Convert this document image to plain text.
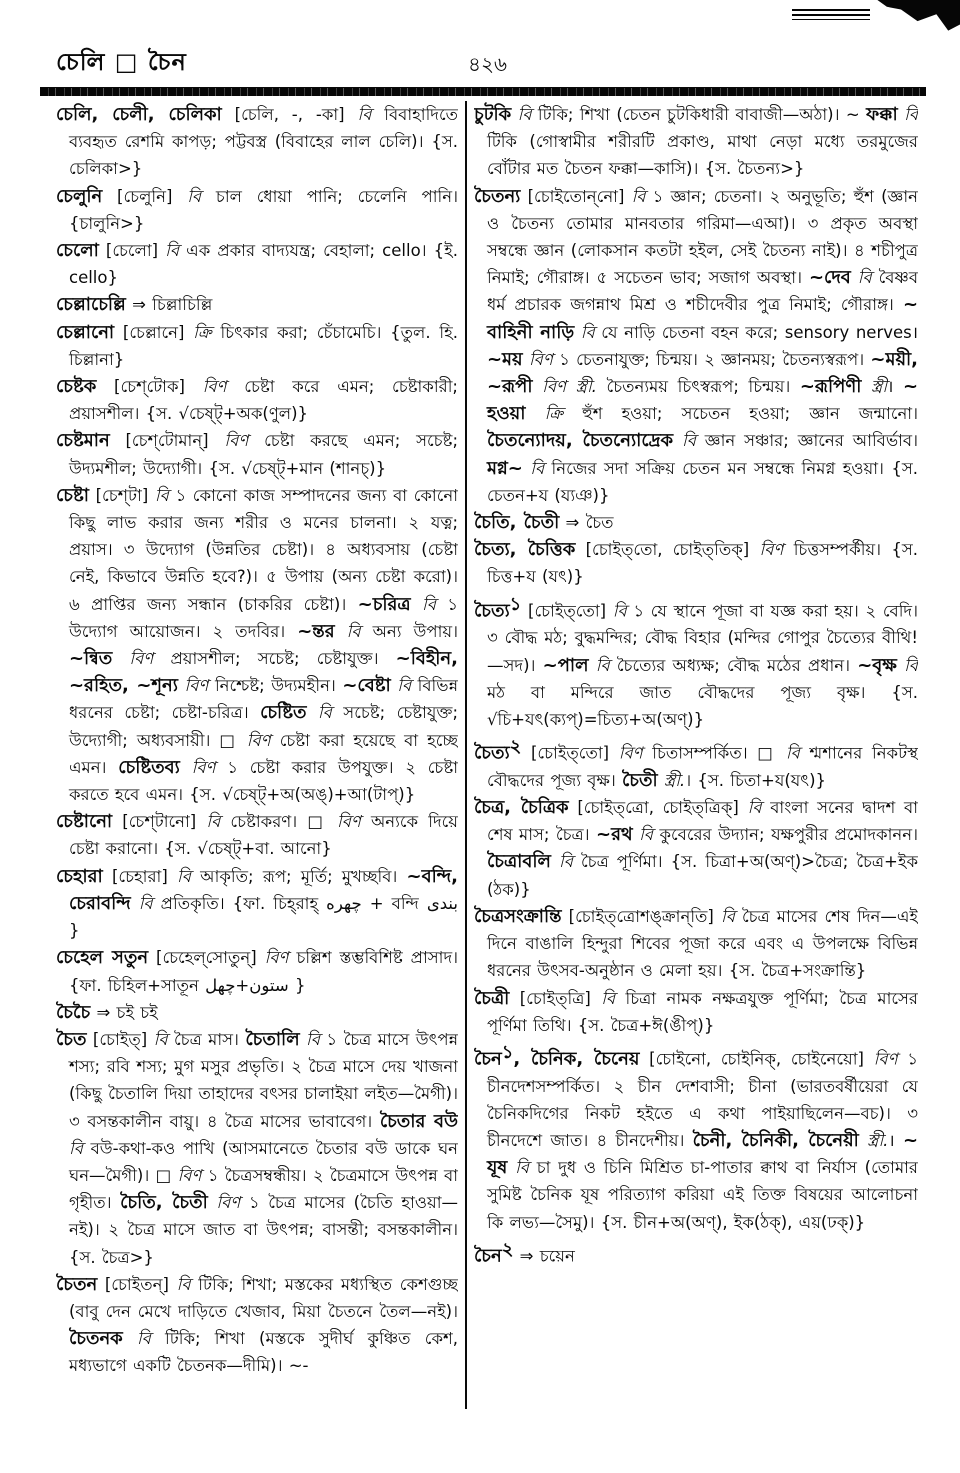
চেলি □ চৈন	৪২৬

চেলি, চেলী, চেলিকা [চেলি, -, -কা] বি বিবাহাদিতে ব্যবহৃত রেশমি কাপড়; পট্টবস্ত্র (বিবাহের লাল চেলি)। {স. চেলিকা>}

চেলুনি [চেলুনি] বি চাল ধোয়া পানি; চেলেনি পানি। {চালুনি>}

চেলো [চেলো] বি এক প্রকার বাদ্যযন্ত্র; বেহালা; cello। {ই. cello}

চেল্লাচেল্লি ⇒ চিল্লাচিল্লি

চেল্লানো [চেল্লানে] ক্রি চিৎকার করা; চেঁচামেচি। {তুল. হি. চিল্লানা}

চেষ্টক [চেশ্‌টোক] বিণ চেষ্টা করে এমন; চেষ্টাকারী; প্রয়াসশীল। {স. √চেষ্ট্‌+অক(ণুল)}

চেষ্টমান [চেশ্‌টোমান্‌] বিণ চেষ্টা করছে এমন; সচেষ্ট; উদ্যমশীল; উদ্যোগী। {স. √চেষ্ট্‌+মান (শানচ্‌)}

চেষ্টা [চেশ্‌টা] বি ১ কোনো কাজ সম্পাদনের জন্য বা কোনো কিছু লাভ করার জন্য শরীর ও মনের চালনা। ২ যত্ন; প্রয়াস। ৩ উদ্যোগ (উন্নতির চেষ্টা)। ৪ অধ্যবসায় (চেষ্টা নেই, কিভাবে উন্নতি হবে?)। ৫ উপায় (অন্য চেষ্টা করো)। ৬ প্রাপ্তির জন্য সন্ধান (চাকরির চেষ্টা)। ~চরিত্র বি ১ উদ্যোগ আয়োজন। ২ তদবির। ~ন্তর বি অন্য উপায়। ~ন্বিত বিণ প্রয়াসশীল; সচেষ্ট; চেষ্টাযুক্ত। ~বিহীন, ~রহিত, ~শূন্য বিণ নিশ্চেষ্ট; উদ্যমহীন। ~বেষ্টা বি বিভিন্ন ধরনের চেষ্টা; চেষ্টা-চরিত্র। চেষ্টিত বি সচেষ্ট; চেষ্টাযুক্ত; উদ্যোগী; অধ্যবসায়ী। □ বিণ চেষ্টা করা হয়েছে বা হচ্ছে এমন। চেষ্টিতব্য বিণ ১ চেষ্টা করার উপযুক্ত। ২ চেষ্টা করতে হবে এমন। {স. √চেষ্ট্‌+অ(অঙ্‌)+আ(টাপ্‌)}

চেষ্টানো [চেশ্‌টানো] বি চেষ্টাকরণ। □ বিণ অন্যকে দিয়ে চেষ্টা করানো। {স. √চেষ্ট্‌+বা. আনো}

চেহারা [চেহারা] বি আকৃতি; রূপ; মূর্তি; মুখচ্ছবি। ~বন্দি, চেরাবন্দি বি প্রতিকৃতি। {ফা. চিহ্‌রাহ্‌ چهره + বন্দি بندى }

চেহেল সতুন [চেহেল্‌সোতুন্‌] বিণ চল্লিশ স্তম্ভবিশিষ্ট প্রাসাদ। {ফা. চিহিল+সাতূন ستون+چهل }

চৈচৈ ⇒ চই চই

চৈত [চোইত্‌] বি চৈত্র মাস। চৈতালি বি ১ চৈত্র মাসে উৎপন্ন শস্য; রবি শস্য; মুগ মসুর প্রভৃতি। ২ চৈত্র মাসে দেয় খাজনা (কিছু চৈতালি দিয়া তাহাদের বৎসর চালাইয়া লইত—মৈগী)। ৩ বসন্তকালীন বায়ু। ৪ চৈত্র মাসের ভাবাবেগ। চৈতার বউ বি বউ-কথা-কও পাখি (আসমানেতে চৈতার বউ ডাকে ঘন ঘন—মৈগী)। □ বিণ ১ চৈত্রসম্বন্ধীয়। ২ চৈত্রমাসে উৎপন্ন বা গৃহীত। চৈতি, চৈতী বিণ ১ চৈত্র মাসের (চৈতি হাওয়া—নই)। ২ চৈত্র মাসে জাত বা উৎপন্ন; বাসন্তী; বসন্তকালীন। {স. চৈত্র>}

চৈতন [চোইতন্‌] বি টিকি; শিখা; মস্তকের মধ্যস্থিত কেশগুচ্ছ (বাবু দেন মেখে দাড়িতে খেজাব, মিয়া চৈতনে তৈল—নই)। চৈতনক বি টিকি; শিখা (মস্তকে সুদীর্ঘ কুঞ্চিত কেশ, মধ্যভাগে একটি চৈতনক—দীমি)। ~-

চুটকি বি টিকি; শিখা (চেতন চুটকিধারী বাবাজী—অঠা)। ~ ফক্কা বি টিকি (গোস্বামীর শরীরটি প্রকাণ্ড, মাথা নেড়া মধ্যে তরমুজের বোঁটার মত চৈতন ফক্কা—কাসি)। {স. চৈতন্য>}

চৈতন্য [চোইতোন্‌নো] বি ১ জ্ঞান; চেতনা। ২ অনুভূতি; হুঁশ (জ্ঞান ও চৈতন্য তোমার মানবতার গরিমা—এআ)। ৩ প্রকৃত অবস্থা সম্বন্ধে জ্ঞান (লোকসান কতটা হইল, সেই চৈতন্য নাই)। ৪ শচীপুত্র নিমাই; গৌরাঙ্গ। ৫ সচেতন ভাব; সজাগ অবস্থা। ~দেব বি বৈষ্ণব ধর্ম প্রচারক জগন্নাথ মিশ্র ও শচীদেবীর পুত্র নিমাই; গৌরাঙ্গ। ~ বাহিনী নাড়ি বি যে নাড়ি চেতনা বহন করে; sensory nerves। ~ময় বিণ ১ চেতনাযুক্ত; চিন্ময়। ২ জ্ঞানময়; চৈতন্যস্বরূপ। ~ময়ী, ~রূপী বিণ স্ত্রী. চৈতন্যময় চিৎস্বরূপ; চিন্ময়। ~রূপিণী স্ত্রী। ~ হওয়া ক্রি হুঁশ হওয়া; সচেতন হওয়া; জ্ঞান জন্মানো। চৈতন্যোদয়, চৈতন্যোদ্রেক বি জ্ঞান সঞ্চার; জ্ঞানের আবির্ভাব। মগ্ন~ বি নিজের সদা সক্রিয় চেতন মন সম্বন্ধে নিমগ্ন হওয়া। {স. চেতন+য (য্যঞ)}

চৈতি, চৈতী ⇒ চৈত

চৈত্য, চৈত্তিক [চোইত্‌তো, চোইত্‌তিক্‌] বিণ চিত্তসম্পর্কীয়। {স. চিত্ত+য (যৎ)}

চৈত্য$^১$ [চোইত্‌তো] বি ১ যে স্থানে পূজা বা যজ্ঞ করা হয়। ২ বেদি। ৩ বৌদ্ধ মঠ; বুদ্ধমন্দির; বৌদ্ধ বিহার (মন্দির গোপুর চৈত্যের বীথি!—সদ)। ~পাল বি চৈত্যের অধ্যক্ষ; বৌদ্ধ মঠের প্রধান। ~বৃক্ষ বি মঠ বা মন্দিরে জাত বৌদ্ধদের পূজ্য বৃক্ষ। {স. √চি+যৎ(ক্যপ্‌)=চিত্য+অ(অণ্‌)}

চৈত্য$^২$ [চোইত্‌তো] বিণ চিতাসম্পর্কিত। □ বি শ্মশানের নিকটস্থ বৌদ্ধদের পূজ্য বৃক্ষ। চৈতী স্ত্রী.। {স. চিতা+য(যৎ)}

চৈত্র, চৈত্রিক [চোইত্‌ত্রো, চোইত্‌ত্রিক্‌] বি বাংলা সনের দ্বাদশ বা শেষ মাস; চৈত্র। ~রথ বি কুবেরের উদ্যান; যক্ষপুরীর প্রমোদকানন। চৈত্রাবলি বি চৈত্র পূর্ণিমা। {স. চিত্রা+অ(অণ্‌)>চৈত্র; চৈত্র+ইক (ঠক)}

চৈত্রসংক্রান্তি [চোইত্‌ত্রোশঙ্‌ক্রান্‌তি] বি চৈত্র মাসের শেষ দিন—এই দিনে বাঙালি হিন্দুরা শিবের পূজা করে এবং এ উপলক্ষে বিভিন্ন ধরনের উৎসব-অনুষ্ঠান ও মেলা হয়। {স. চৈত্র+সংক্রান্তি}

চৈত্রী [চোইত্‌ত্রি] বি চিত্রা নামক নক্ষত্রযুক্ত পূর্ণিমা; চৈত্র মাসের পূর্ণিমা তিথি। {স. চৈত্র+ঈ(ঙীপ্‌)}

চৈন$^১$, চৈনিক, চৈনেয় [চোইনো, চোইনিক্‌, চোইনেয়ো] বিণ ১ চীনদেশসম্পর্কিত। ২ চীন দেশবাসী; চীনা (ভারতবর্ষীয়েরা যে চৈনিকদিগের নিকট হইতে এ কথা পাইয়াছিলেন—বচ)। ৩ চীনদেশে জাত। ৪ চীনদেশীয়। চৈনী, চৈনিকী, চৈনেয়ী স্ত্রী.। ~ যূষ বি চা দুধ ও চিনি মিশ্রিত চা-পাতার ক্বাথ বা নির্যাস (তোমার সুমিষ্ট চৈনিক যূষ পরিত্যাগ করিয়া এই তিক্ত বিষয়ের আলোচনা কি লভ্য—সৈমু)। {স. চীন+অ(অণ্‌), ইক(ঠক্‌), এয়(ঢক্‌)}

চৈন$^২$ ⇒ চয়েন
